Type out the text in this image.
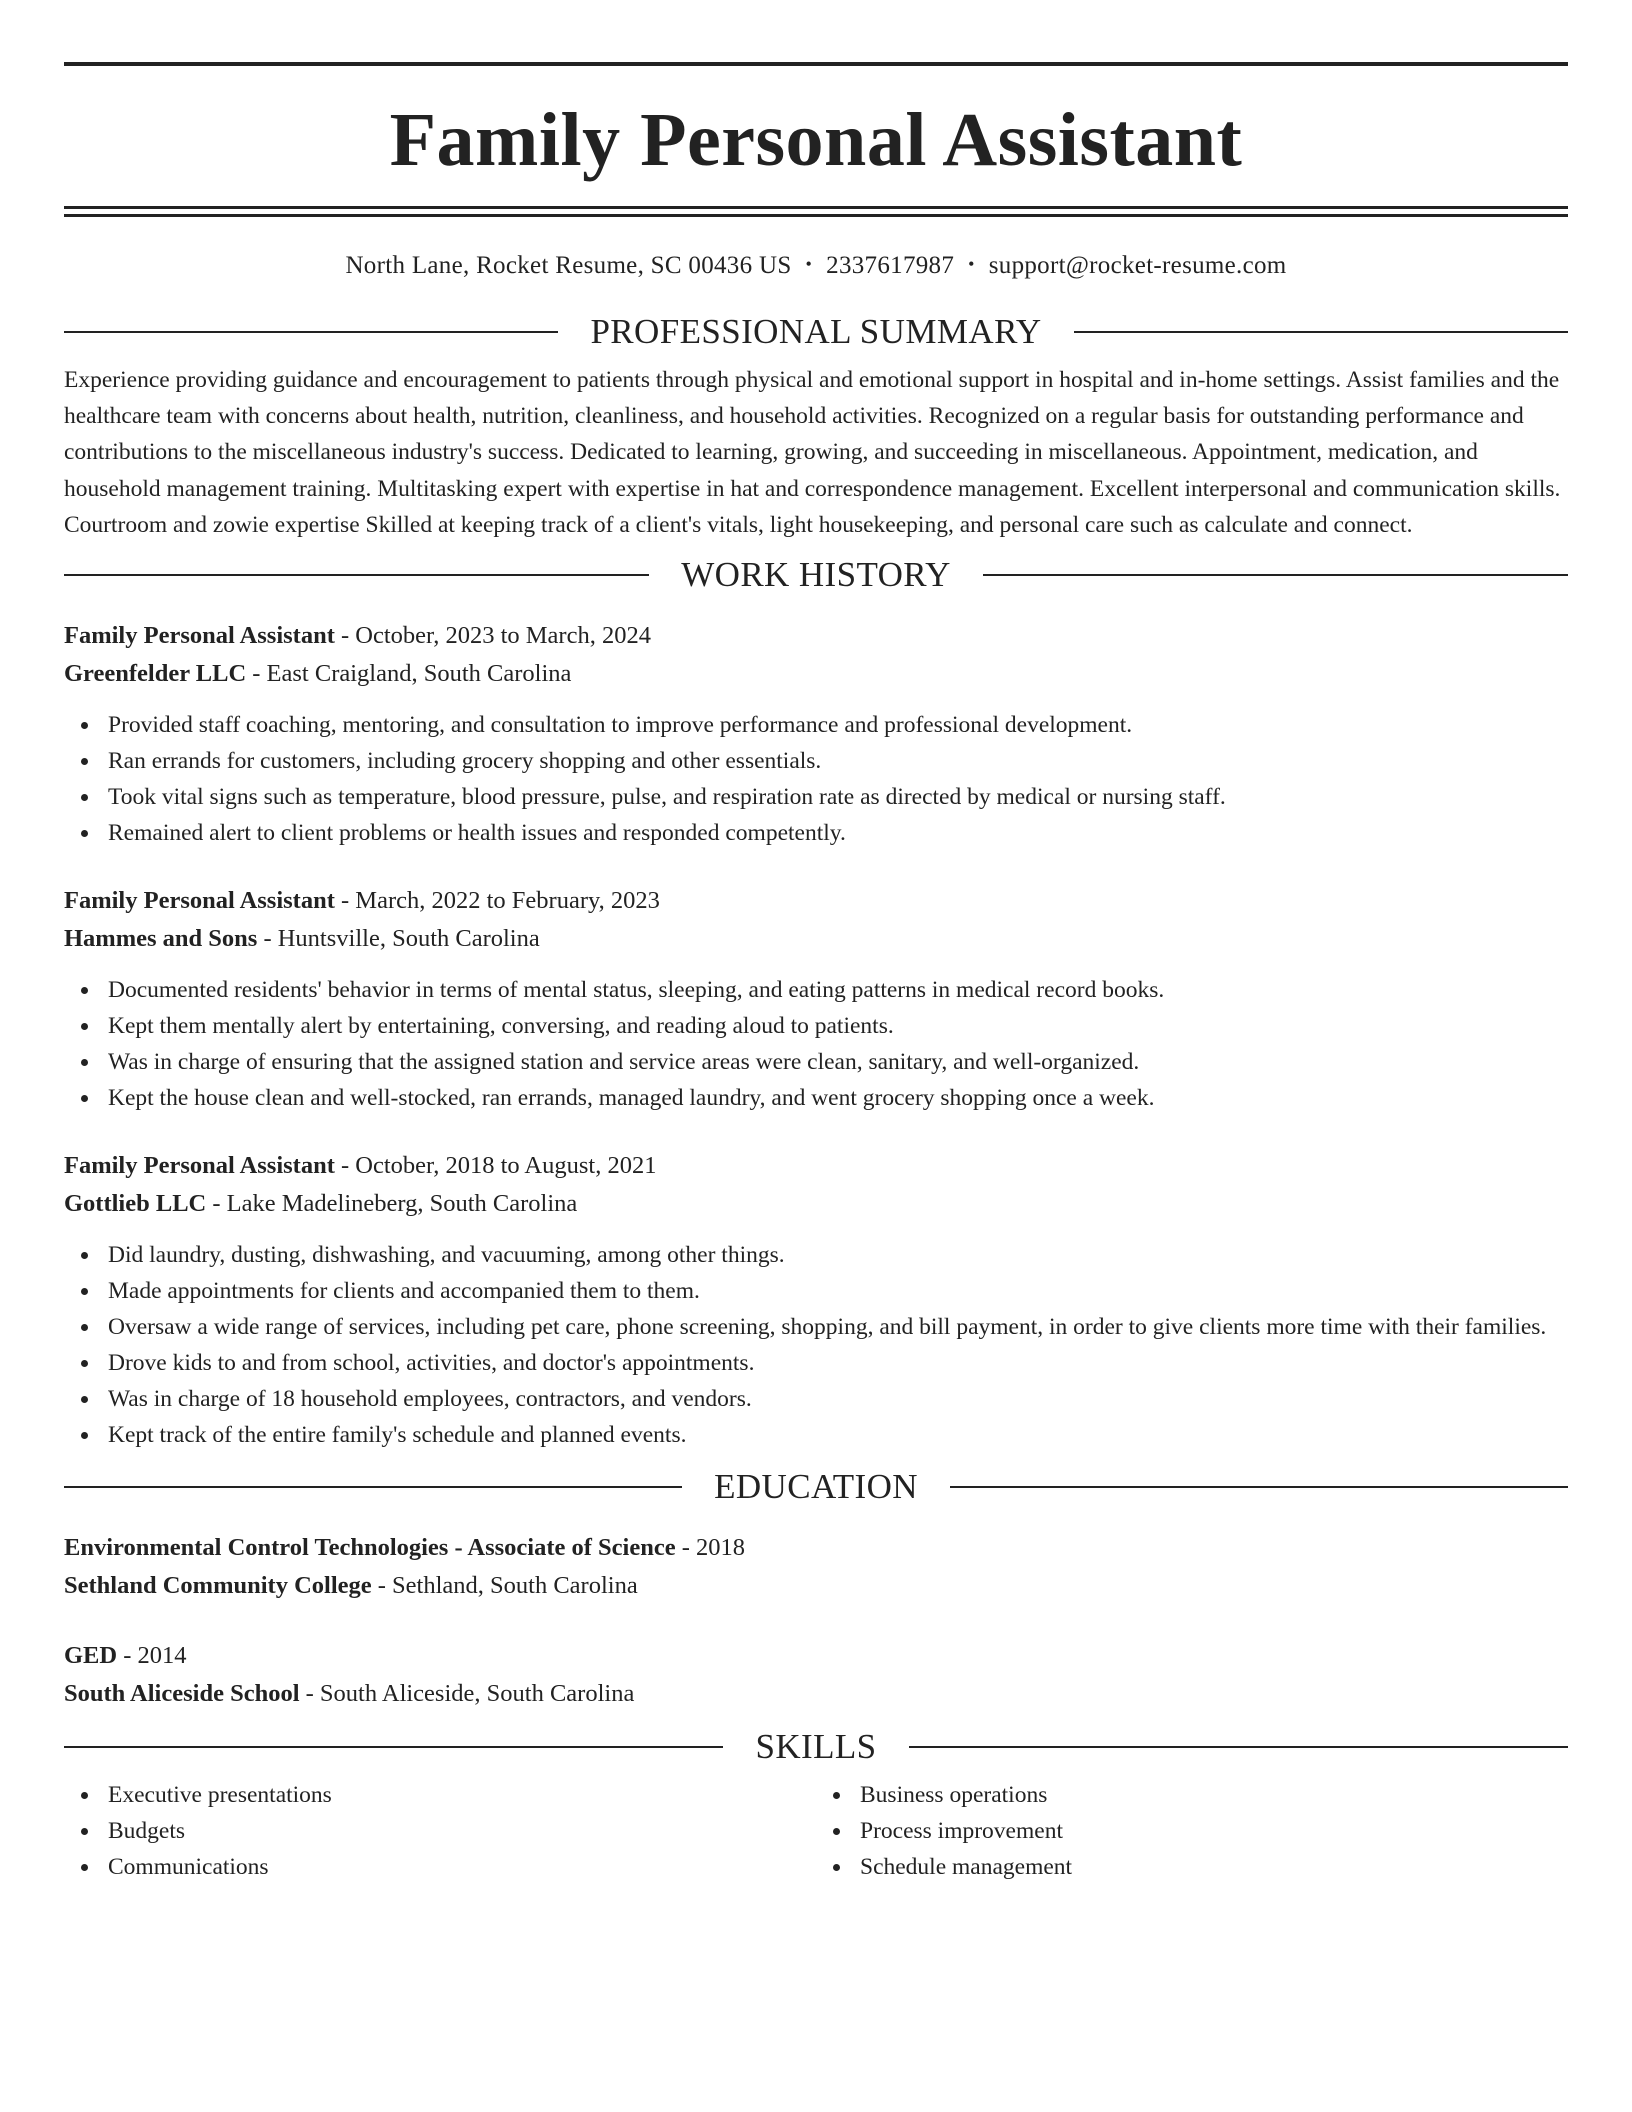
Family Personal Assistant
North Lane, Rocket Resume, SC 00436 US • 2337617987 • support@rocket-resume.com
PROFESSIONAL SUMMARY

Experience providing guidance and encouragement to patients through physical and emotional support in hospital and in-home settings. Assist families and the healthcare team with concerns about health, nutrition, cleanliness, and household activities. Recognized on a regular basis for outstanding performance and contributions to the miscellaneous industry's success. Dedicated to learning, growing, and succeeding in miscellaneous. Appointment, medication, and household management training. Multitasking expert with expertise in hat and correspondence management. Excellent interpersonal and communication skills. Courtroom and zowie expertise Skilled at keeping track of a client's vitals, light housekeeping, and personal care such as calculate and connect.

WORK HISTORY
Family Personal Assistant - October, 2023 to March, 2024
Greenfelder LLC - East Craigland, South Carolina
Provided staff coaching, mentoring, and consultation to improve performance and professional development.
Ran errands for customers, including grocery shopping and other essentials.
Took vital signs such as temperature, blood pressure, pulse, and respiration rate as directed by medical or nursing staff.
Remained alert to client problems or health issues and responded competently.
Family Personal Assistant - March, 2022 to February, 2023
Hammes and Sons - Huntsville, South Carolina
Documented residents' behavior in terms of mental status, sleeping, and eating patterns in medical record books.
Kept them mentally alert by entertaining, conversing, and reading aloud to patients.
Was in charge of ensuring that the assigned station and service areas were clean, sanitary, and well-organized.
Kept the house clean and well-stocked, ran errands, managed laundry, and went grocery shopping once a week.
Family Personal Assistant - October, 2018 to August, 2021
Gottlieb LLC - Lake Madelineberg, South Carolina
Did laundry, dusting, dishwashing, and vacuuming, among other things.
Made appointments for clients and accompanied them to them.
Oversaw a wide range of services, including pet care, phone screening, shopping, and bill payment, in order to give clients more time with their families.
Drove kids to and from school, activities, and doctor's appointments.
Was in charge of 18 household employees, contractors, and vendors.
Kept track of the entire family's schedule and planned events.
EDUCATION
Environmental Control Technologies - Associate of Science - 2018
Sethland Community College - Sethland, South Carolina
GED - 2014
South Aliceside School - South Aliceside, South Carolina
SKILLS
Executive presentations
Budgets
Communications
Business operations
Process improvement
Schedule management
